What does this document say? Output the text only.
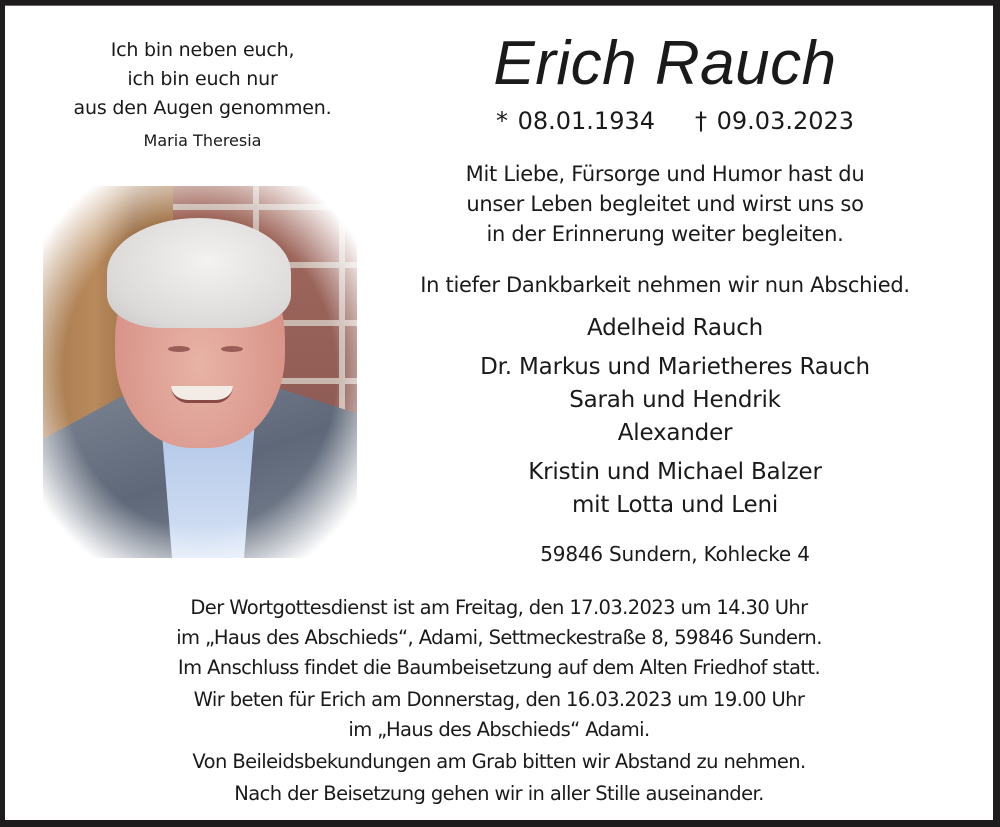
Ich bin neben euch,
ich bin euch nur
aus den Augen genommen.
Maria Theresia
Erich Rauch
* 08.01.1934 † 09.03.2023
Mit Liebe, Fürsorge und Humor hast du
unser Leben begleitet und wirst uns so
in der Erinnerung weiter begleiten.
In tiefer Dankbarkeit nehmen wir nun Abschied.
Adelheid Rauch
Dr. Markus und Marietheres Rauch
Sarah und Hendrik
Alexander
Kristin und Michael Balzer
mit Lotta und Leni
59846 Sundern, Kohlecke 4
Der Wortgottesdienst ist am Freitag, den 17.03.2023 um 14.30 Uhr
im „Haus des Abschieds“, Adami, Settmeckestraße 8, 59846 Sundern.
Im Anschluss findet die Baumbeisetzung auf dem Alten Friedhof statt.
Wir beten für Erich am Donnerstag, den 16.03.2023 um 19.00 Uhr
im „Haus des Abschieds“ Adami.
Von Beileidsbekundungen am Grab bitten wir Abstand zu nehmen.
Nach der Beisetzung gehen wir in aller Stille auseinander.
